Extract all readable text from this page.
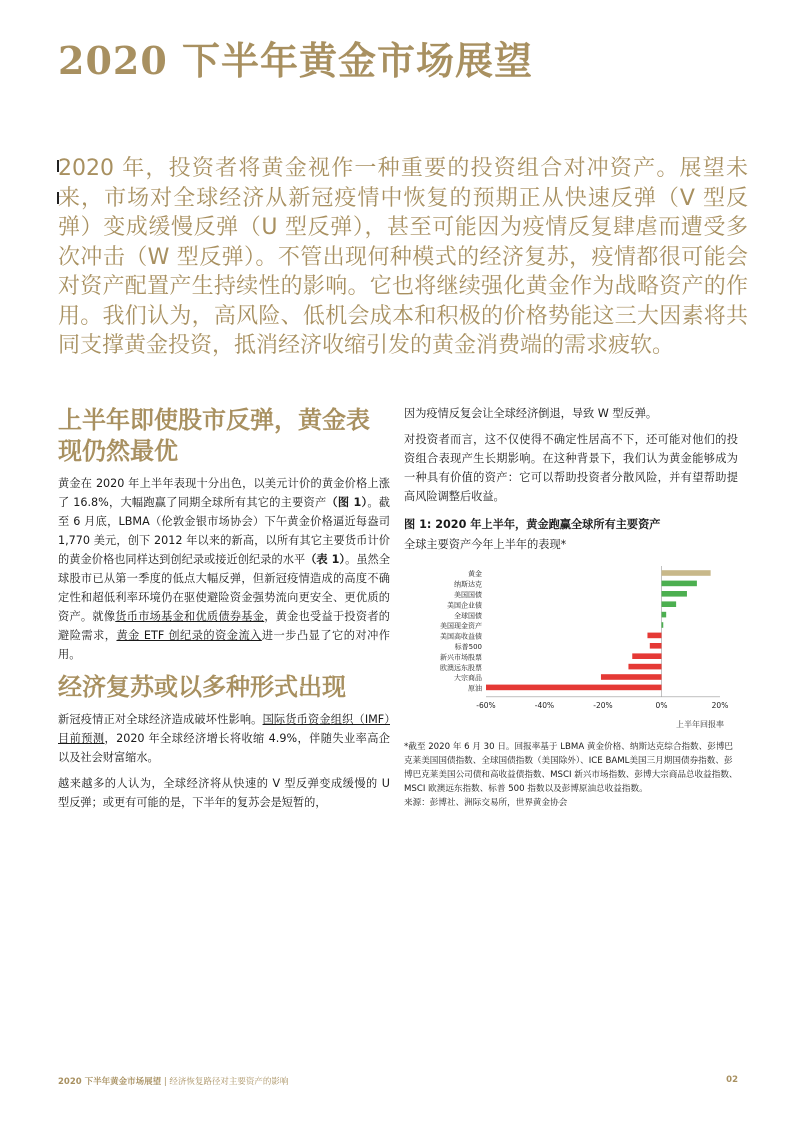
2020 下半年黄金市场展望
2020 年，投资者将黄金视作一种重要的投资组合对冲资产。展望未来，市场对全球经济从新冠疫情中恢复的预期正从快速反弹（V 型反弹）变成缓慢反弹（U 型反弹），甚至可能因为疫情反复肆虐而遭受多次冲击（W 型反弹）。不管出现何种模式的经济复苏，疫情都很可能会对资产配置产生持续性的影响。它也将继续强化黄金作为战略资产的作用。我们认为，高风险、低机会成本和积极的价格势能这三大因素将共同支撑黄金投资，抵消经济收缩引发的黄金消费端的需求疲软。
上半年即使股市反弹，黄金表现仍然最优

黄金在 2020 年上半年表现十分出色，以美元计价的黄金价格上涨了 16.8%，大幅跑赢了同期全球所有其它的主要资产（图 1）。截至 6 月底，LBMA（伦敦金银市场协会）下午黄金价格逼近每盎司 1,770 美元，创下 2012 年以来的新高，以所有其它主要货币计价的黄金价格也同样达到创纪录或接近创纪录的水平（表 1）。虽然全球股市已从第一季度的低点大幅反弹，但新冠疫情造成的高度不确定性和超低利率环境仍在驱使避险资金强势流向更安全、更优质的资产。就像货币市场基金和优质债券基金，黄金也受益于投资者的避险需求，黄金 ETF 创纪录的资金流入进一步凸显了它的对冲作用。

经济复苏或以多种形式出现

新冠疫情正对全球经济造成破坏性影响。国际货币资金组织（IMF）目前预测，2020 年全球经济增长将收缩 4.9%，伴随失业率高企以及社会财富缩水。

越来越多的人认为，全球经济将从快速的 V 型反弹变成缓慢的 U 型反弹；或更有可能的是，下半年的复苏会是短暂的，

因为疫情反复会让全球经济倒退，导致 W 型反弹。

对投资者而言，这不仅使得不确定性居高不下，还可能对他们的投资组合表现产生长期影响。在这种背景下，我们认为黄金能够成为一种具有价值的资产：它可以帮助投资者分散风险，并有望帮助提高风险调整后收益。

图 1: 2020 年上半年，黄金跑赢全球所有主要资产
全球主要资产今年上半年的表现*
黄金
纳斯达克
美国国债
美国企业债
全球国债
美国现金资产
美国高收益债
标普500
新兴市场股票
欧澳远东股票
大宗商品
原油
-60%	-40%	-20%	0%	20%
上半年回报率
*截至 2020 年 6 月 30 日。回报率基于 LBMA 黄金价格、纳斯达克综合指数、彭博巴克莱美国国债指数、全球国债指数（美国除外）、ICE BAML美国三月期国债券指数、彭博巴克莱美国公司债和高收益债指数、MSCI 新兴市场指数、彭博大宗商品总收益指数、MSCI 欧澳远东指数、标普 500 指数以及彭博原油总收益指数。
来源：彭博社、洲际交易所，世界黄金协会
2020 下半年黄金市场展望 | 经济恢复路径对主要资产的影响	02
